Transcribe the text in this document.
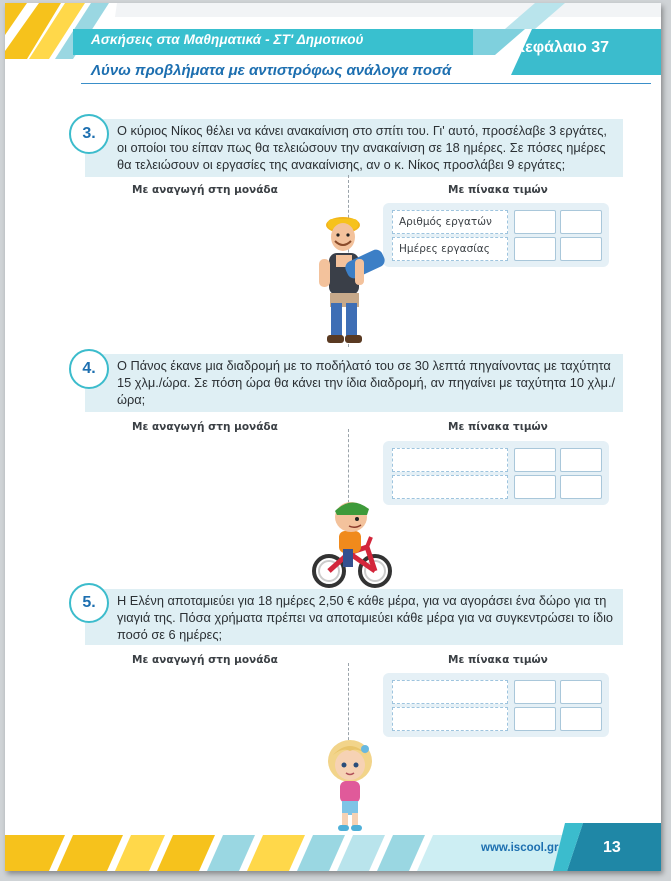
Ασκήσεις στα Μαθηματικά - ΣΤ' Δημοτικού	Κεφάλαιο 37
Λύνω προβλήματα με αντιστρόφως ανάλογα ποσά
3.	Ο κύριος Νίκος θέλει να κάνει ανακαίνιση στο σπίτι του. Γι' αυτό, προσέλαβε 3 εργάτες, οι οποίοι του είπαν πως θα τελειώσουν την ανακαίνιση σε 18 ημέρες. Σε πόσες ημέρες θα τελειώσουν οι εργασίες της ανακαίνισης, αν ο κ. Νίκος προσλάβει 9 εργάτες;
Με αναγωγή στη μονάδα	Με πίνακα τιμών
Αριθμός εργατών
Ημέρες εργασίας
4.	Ο Πάνος έκανε μια διαδρομή με το ποδήλατό του σε 30 λεπτά πηγαίνοντας με ταχύτητα 15 χλμ./ώρα. Σε πόση ώρα θα κάνει την ίδια διαδρομή, αν πηγαίνει με ταχύτητα 10 χλμ./ώρα;
Με αναγωγή στη μονάδα	Με πίνακα τιμών
5.	Η Ελένη αποταμιεύει για 18 ημέρες 2,50 € κάθε μέρα, για να αγοράσει ένα δώρο για τη γιαγιά της. Πόσα χρήματα πρέπει να αποταμιεύει κάθε μέρα για να συγκεντρώσει το ίδιο ποσό σε 6 ημέρες;
Με αναγωγή στη μονάδα	Με πίνακα τιμών
www.iscool.gr	13
